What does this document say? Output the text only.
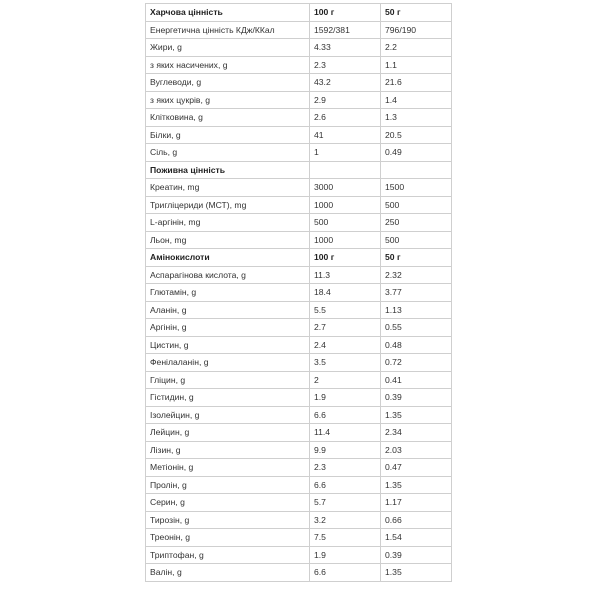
Харчова цінність	100 г	50 г
Енергетична цінність КДж/ККал	1592/381	796/190
Жири, g	4.33	2.2
з яких насичених, g	2.3	1.1
Вуглеводи, g	43.2	21.6
з яких цукрів, g	2.9	1.4
Клітковина, g	2.6	1.3
Білки, g	41	20.5
Сіль, g	1	0.49
Поживна цінність		
Креатин, mg	3000	1500
Тригліцериди (МСТ), mg	1000	500
L-аргінін, mg	500	250
Льон, mg	1000	500
Амінокислоти	100 г	50 г
Аспарагінова кислота, g	11.3	2.32
Глютамін, g	18.4	3.77
Аланін, g	5.5	1.13
Аргінін, g	2.7	0.55
Цистин, g	2.4	0.48
Фенілаланін, g	3.5	0.72
Гліцин, g	2	0.41
Гістидин, g	1.9	0.39
Ізолейцин, g	6.6	1.35
Лейцин, g	11.4	2.34
Лізин, g	9.9	2.03
Метіонін, g	2.3	0.47
Пролін, g	6.6	1.35
Серин, g	5.7	1.17
Тирозін, g	3.2	0.66
Треонін, g	7.5	1.54
Триптофан, g	1.9	0.39
Валін, g	6.6	1.35
